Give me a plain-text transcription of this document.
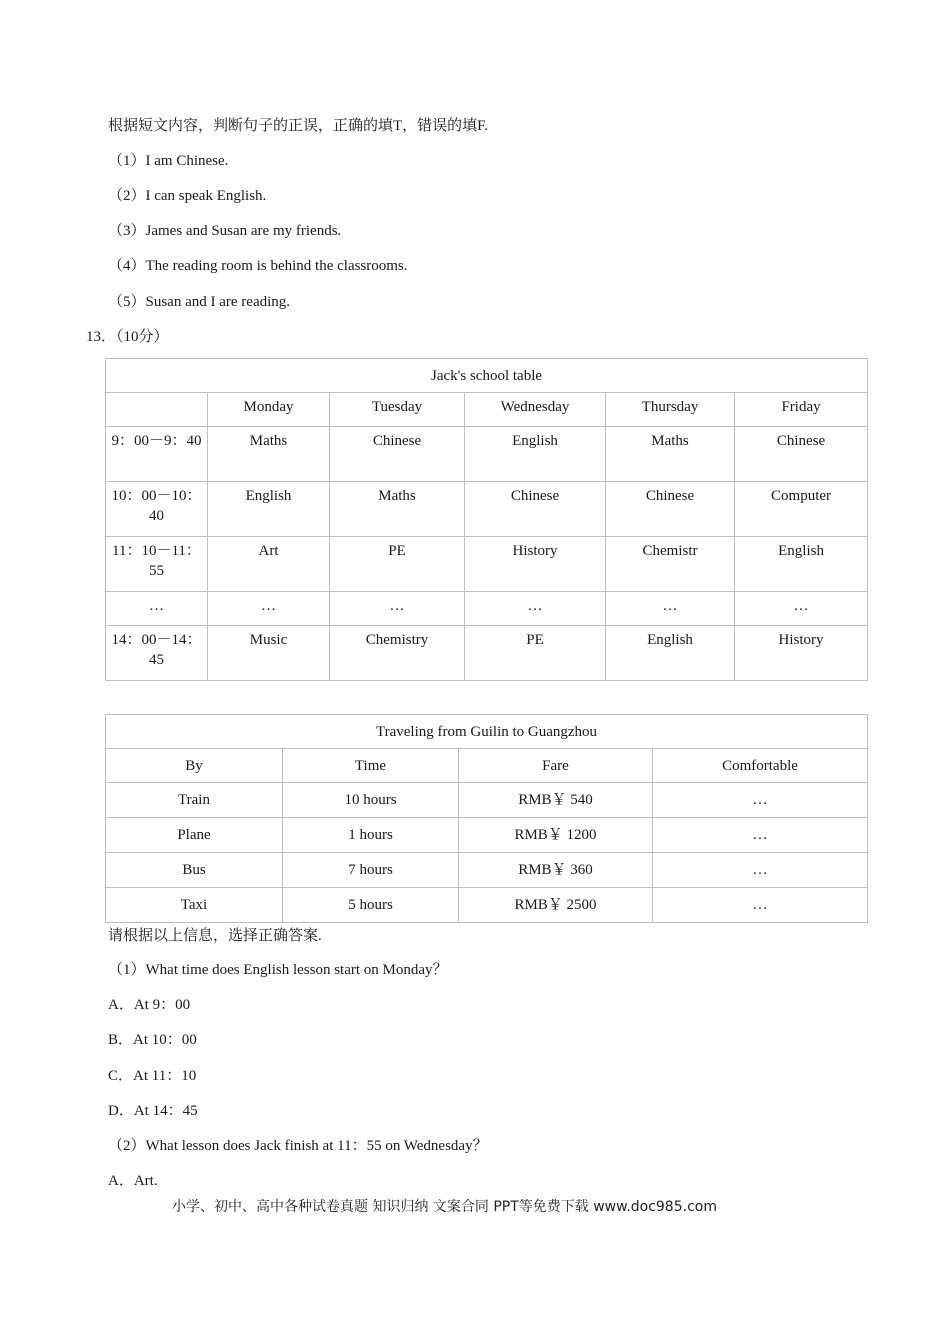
根据短文内容，判断句子的正误，正确的填T，错误的填F.
（1）I am Chinese.
（2）I can speak English.
（3）James and Susan are my friends.
（4）The reading room is behind the classrooms.
（5）Susan and I are reading.
13．（10分）
Jack's school table					
	Monday	Tuesday	Wednesday	Thursday	Friday
9：00－9：40	Maths	Chinese	English	Maths	Chinese
10：00－10：40	English	Maths	Chinese	Chinese	Computer
11：10－11：55	Art	PE	History	Chemistr	English
…	…	…	…	…	…
14：00－14：45	Music	Chemistry	PE	English	History
Traveling from Guilin to Guangzhou			
By	Time	Fare	Comfortable
Train	10 hours	RMB￥ 540	…
Plane	1 hours	RMB￥ 1200	…
Bus	7 hours	RMB￥ 360	…
Taxi	5 hours	RMB￥ 2500	…
请根据以上信息，选择正确答案.
（1）What time does English lesson start on Monday？
A．At 9：00
B．At 10：00
C．At 11：10
D．At 14：45
（2）What lesson does Jack finish at 11：55 on Wednesday？
A．Art.
小学、初中、高中各种试卷真题 知识归纳 文案合同 PPT等免费下载 www.doc985.com
